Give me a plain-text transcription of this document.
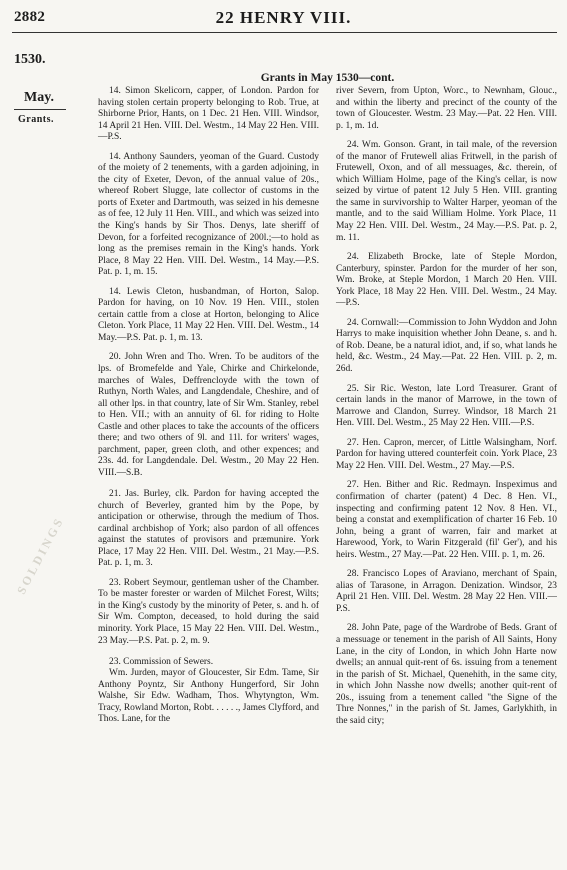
2882	22 HENRY VIII.
1530.
May.
Grants.
Grants in May 1530—cont.

14. Simon Skelicorn, capper, of London. Pardon for having stolen certain property belonging to Rob. True, at Shirborne Prior, Hants, on 1 Dec. 21 Hen. VIII. Windsor, 14 April 21 Hen. VIII. Del. Westm., 14 May 22 Hen. VIII.—P.S.

14. Anthony Saunders, yeoman of the Guard. Custody of the moiety of 2 tenements, with a garden adjoining, in the city of Exeter, Devon, of the annual value of 20s., whereof Robert Slugge, late collector of customs in the ports of Exeter and Dartmouth, was seized in his demesne as of fee, 12 July 11 Hen. VIII., and which was seized into the King's hands by Sir Thos. Denys, late sheriff of Devon, for a forfeited recognizance of 200l.;—to hold as long as the premises remain in the King's hands. York Place, 8 May 22 Hen. VIII. Del. Westm., 14 May.—P.S. Pat. p. 1, m. 15.

14. Lewis Cleton, husbandman, of Horton, Salop. Pardon for having, on 10 Nov. 19 Hen. VIII., stolen certain cattle from a close at Horton, belonging to Alice Cleton. York Place, 11 May 22 Hen. VIII. Del. Westm., 14 May.—P.S. Pat. p. 1, m. 13.

20. John Wren and Tho. Wren. To be auditors of the lps. of Bromefelde and Yale, Chirke and Chirkelonde, marches of Wales, Deffrencloyde with the town of Ruthyn, North Wales, and Langdendale, Cheshire, and of all other lps. in that country, late of Sir Wm. Stanley, rebel to Hen. VII.; with an annuity of 6l. for riding to Holte Castle and other places to take the accounts of the officers there; and two others of 9l. and 11l. for writers' wages, parchment, paper, green cloth, and other expences; and 23s. 4d. for Langdendale. Del. Westm., 20 May 22 Hen. VIII.—S.B.

21. Jas. Burley, clk. Pardon for having accepted the church of Beverley, granted him by the Pope, by anticipation or otherwise, through the medium of Thos. cardinal archbishop of York; also pardon of all offences against the statutes of provisors and præmunire. York Place, 17 May 22 Hen. VIII. Del. Westm., 21 May.—P.S. Pat. p. 1, m. 3.

23. Robert Seymour, gentleman usher of the Chamber. To be master forester or warden of Milchet Forest, Wilts; in the King's custody by the minority of Peter, s. and h. of Sir Wm. Compton, deceased, to hold during the said minority. York Place, 15 May 22 Hen. VIII. Del. Westm., 23 May.—P.S. Pat. p. 2, m. 9.

23. Commission of Sewers.

Wm. Jurden, mayor of Gloucester, Sir Edm. Tame, Sir Anthony Poyntz, Sir Anthony Hungerford, Sir John Walshe, Sir Edw. Wadham, Thos. Whytyngton, Wm. Tracy, Rowland Morton, Robt. . . . . ., James Clyfford, and Thos. Lane, for the

river Severn, from Upton, Worc., to Newnham, Glouc., and within the liberty and precinct of the county of the town of Gloucester. Westm. 23 May.—Pat. 22 Hen. VIII. p. 1, m. 1d.

24. Wm. Gonson. Grant, in tail male, of the reversion of the manor of Frutewell alias Fritwell, in the parish of Frutewell, Oxon, and of all messuages, &c. therein, of which William Holme, page of the King's cellar, is now seized by virtue of patent 12 July 5 Hen. VIII. granting the same in survivorship to Walter Harper, yeoman of the mantle, and to the said William Holme. York Place, 11 May 22 Hen. VIII. Del. Westm., 24 May.—P.S. Pat. p. 2, m. 11.

24. Elizabeth Brocke, late of Steple Mordon, Canterbury, spinster. Pardon for the murder of her son, Wm. Broke, at Steple Mordon, 1 March 20 Hen. VIII. York Place, 18 May 22 Hen. VIII. Del. Westm., 24 May.—P.S.

24. Cornwall:—Commission to John Wyddon and John Harrys to make inquisition whether John Deane, s. and h. of Rob. Deane, be a natural idiot, and, if so, what lands he held, &c. Westm., 24 May.—Pat. 22 Hen. VIII. p. 2, m. 26d.

25. Sir Ric. Weston, late Lord Treasurer. Grant of certain lands in the manor of Marrowe, in the town of Marrowe and Clandon, Surrey. Windsor, 18 March 21 Hen. VIII. Del. Westm., 25 May 22 Hen. VIII.—P.S.

27. Hen. Capron, mercer, of Little Walsingham, Norf. Pardon for having uttered counterfeit coin. York Place, 23 May 22 Hen. VIII. Del. Westm., 27 May.—P.S.

27. Hen. Bither and Ric. Redmayn. Inspeximus and confirmation of charter (patent) 4 Dec. 8 Hen. VI., inspecting and confirming patent 12 Nov. 8 Hen. VI., being a constat and exemplification of charter 16 Feb. 10 John, being a grant of warren, fair and market at Harewood, York, to Warin Fitzgerald (fil' Ger'), and his heirs. Westm., 27 May.—Pat. 22 Hen. VIII. p. 1, m. 26.

28. Francisco Lopes of Araviano, merchant of Spain, alias of Tarasone, in Arragon. Denization. Windsor, 23 April 21 Hen. VIII. Del. Westm. 28 May 22 Hen. VIII.—P.S.

28. John Pate, page of the Wardrobe of Beds. Grant of a messuage or tenement in the parish of All Saints, Hony Lane, in the city of London, in which John Harte now dwells; an annual quit-rent of 6s. issuing from a tenement in the parish of St. Michael, Quenehith, in the same city, in which John Nasshe now dwells; another quit-rent of 20s., issuing from a tenement called "the Signe of the Thre Nonnes," in the parish of St. James, Garlykhith, in the said city;

SOLDINGS
